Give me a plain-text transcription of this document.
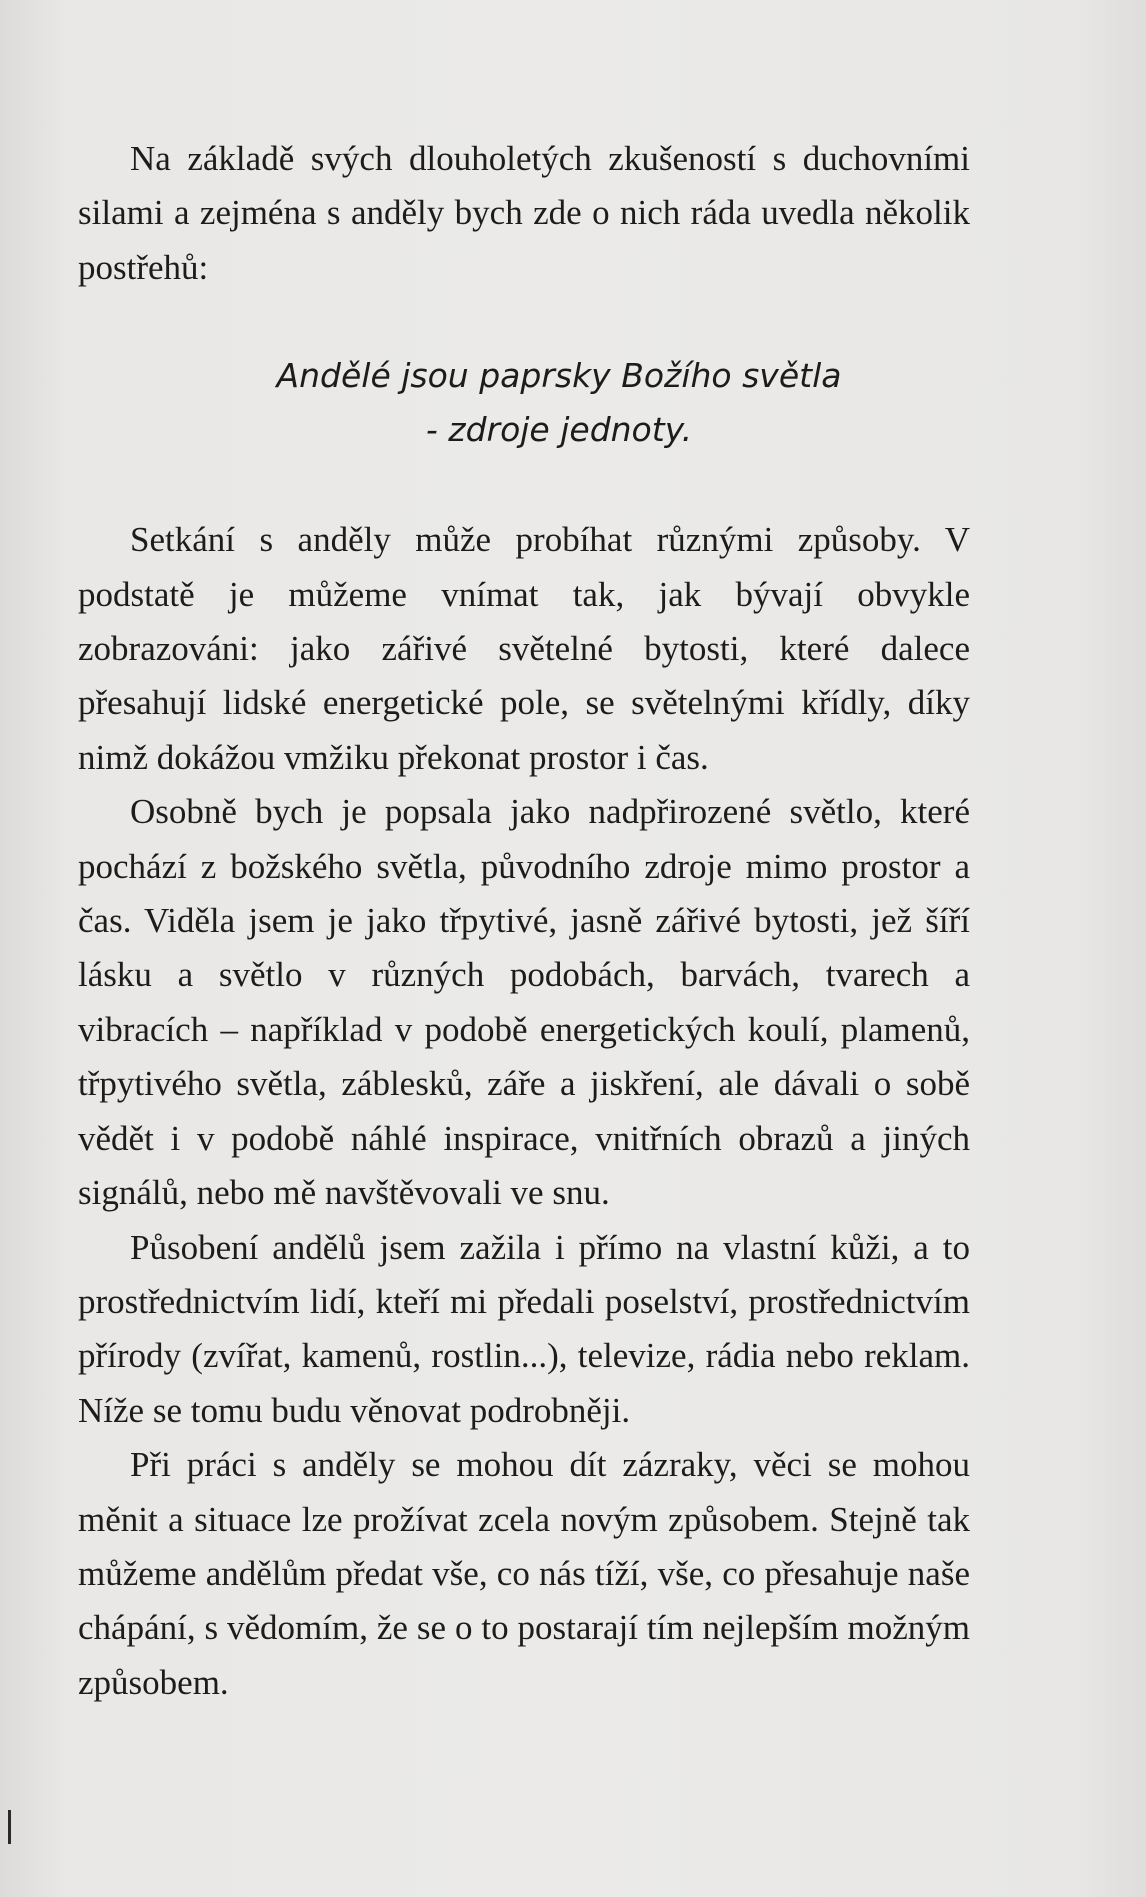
Na základě svých dlouholetých zkušeností s duchovními silami a zejména s anděly bych zde o nich ráda uvedla několik postřehů:

Andělé jsou paprsky Božího světla
- zdroje jednoty.

Setkání s anděly může probíhat různými způsoby. V podstatě je můžeme vnímat tak, jak bývají obvykle zobrazováni: jako zářivé světelné bytosti, které dalece přesahují lidské energetické pole, se světelnými křídly, díky nimž dokážou vmžiku překonat prostor i čas.

Osobně bych je popsala jako nadpřirozené světlo, které pochází z božského světla, původního zdroje mimo prostor a čas. Viděla jsem je jako třpytivé, jasně zářivé bytosti, jež šíří lásku a světlo v různých podobách, barvách, tvarech a vibracích – například v podobě energetických koulí, plamenů, třpytivého světla, záblesků, záře a jiskření, ale dávali o sobě vědět i v podobě náhlé inspirace, vnitřních obrazů a jiných signálů, nebo mě navštěvovali ve snu.

Působení andělů jsem zažila i přímo na vlastní kůži, a to prostřednictvím lidí, kteří mi předali poselství, prostřednictvím přírody (zvířat, kamenů, rostlin...), televize, rádia nebo reklam. Níže se tomu budu věnovat podrobněji.

Při práci s anděly se mohou dít zázraky, věci se mohou měnit a situace lze prožívat zcela novým způsobem. Stejně tak můžeme andělům předat vše, co nás tíží, vše, co přesahuje naše chápání, s vědomím, že se o to postarají tím nejlepším možným způsobem.
